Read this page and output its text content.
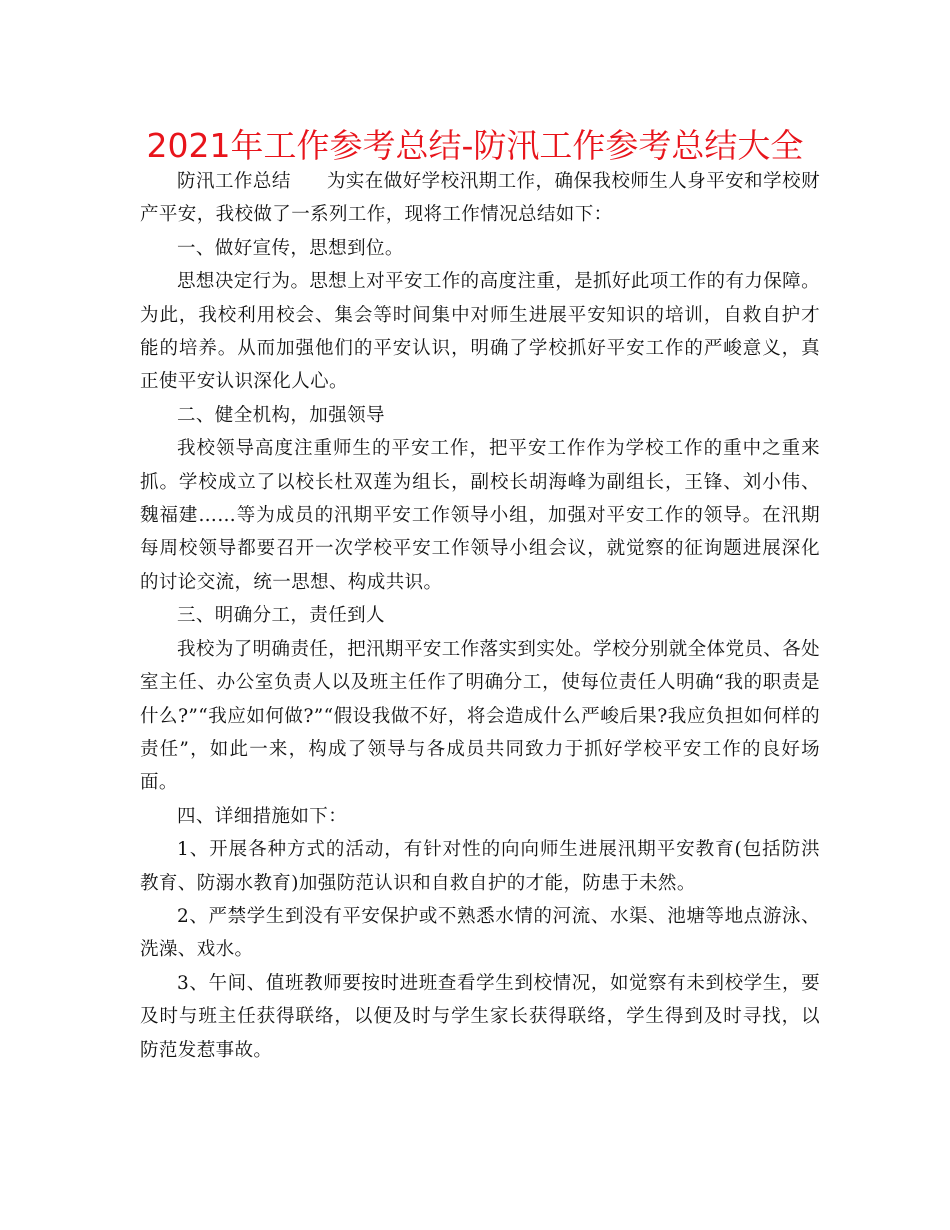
2021年工作参考总结-防汛工作参考总结大全

防汛工作总结 为实在做好学校汛期工作，确保我校师生人身平安和学校财产平安，我校做了一系列工作，现将工作情况总结如下：

一、做好宣传，思想到位。

思想决定行为。思想上对平安工作的高度注重，是抓好此项工作的有力保障。为此，我校利用校会、集会等时间集中对师生进展平安知识的培训，自救自护才能的培养。从而加强他们的平安认识，明确了学校抓好平安工作的严峻意义，真正使平安认识深化人心。

二、健全机构，加强领导

我校领导高度注重师生的平安工作，把平安工作作为学校工作的重中之重来抓。学校成立了以校长杜双莲为组长，副校长胡海峰为副组长，王锋、刘小伟、魏福建……等为成员的汛期平安工作领导小组，加强对平安工作的领导。在汛期每周校领导都要召开一次学校平安工作领导小组会议，就觉察的征询题进展深化的讨论交流，统一思想、构成共识。

三、明确分工，责任到人

我校为了明确责任，把汛期平安工作落实到实处。学校分别就全体党员、各处室主任、办公室负责人以及班主任作了明确分工，使每位责任人明确“我的职责是什么?”“我应如何做?”“假设我做不好，将会造成什么严峻后果?我应负担如何样的责任”，如此一来，构成了领导与各成员共同致力于抓好学校平安工作的良好场面。

四、详细措施如下：

1、开展各种方式的活动，有针对性的向向师生进展汛期平安教育(包括防洪教育、防溺水教育)加强防范认识和自救自护的才能，防患于未然。

2、严禁学生到没有平安保护或不熟悉水情的河流、水渠、池塘等地点游泳、洗澡、戏水。

3、午间、值班教师要按时进班查看学生到校情况，如觉察有未到校学生，要及时与班主任获得联络，以便及时与学生家长获得联络，学生得到及时寻找，以防范发惹事故。
